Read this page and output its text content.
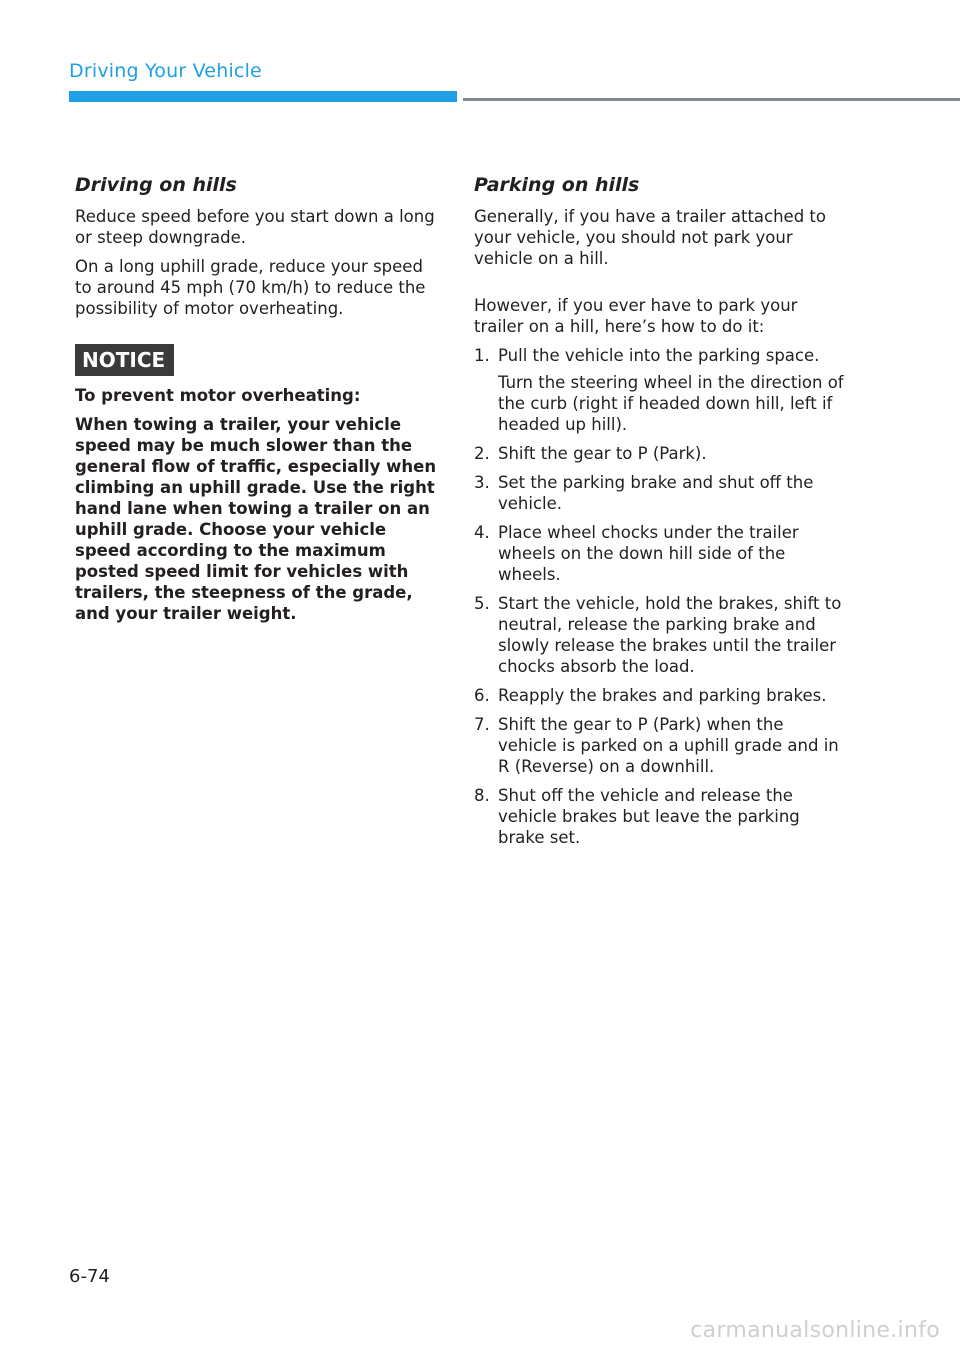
Driving Your Vehicle
Driving on hills

Reduce speed before you start down a long or steep downgrade.

On a long uphill grade, reduce your speed to around 45 mph (70 km/h) to reduce the possibility of motor overheating.

NOTICE
To prevent motor overheating:
When towing a trailer, your vehicle speed may be much slower than the general flow of traffic, especially when climbing an uphill grade. Use the right hand lane when towing a trailer on an uphill grade. Choose your vehicle speed according to the maximum posted speed limit for vehicles with trailers, the steepness of the grade, and your trailer weight.
Parking on hills

Generally, if you have a trailer attached to your vehicle, you should not park your vehicle on a hill.

However, if you ever have to park your trailer on a hill, here’s how to do it:

1. Pull the vehicle into the parking space.
Turn the steering wheel in the direction of the curb (right if headed down hill, left if headed up hill).
2. Shift the gear to P (Park).
3. Set the parking brake and shut off the vehicle.
4. Place wheel chocks under the trailer wheels on the down hill side of the wheels.
5. Start the vehicle, hold the brakes, shift to neutral, release the parking brake and slowly release the brakes until the trailer chocks absorb the load.
6. Reapply the brakes and parking brakes.
7. Shift the gear to P (Park) when the vehicle is parked on a uphill grade and in R (Reverse) on a downhill.
8. Shut off the vehicle and release the vehicle brakes but leave the parking brake set.
6-74
carmanualsonline.info
